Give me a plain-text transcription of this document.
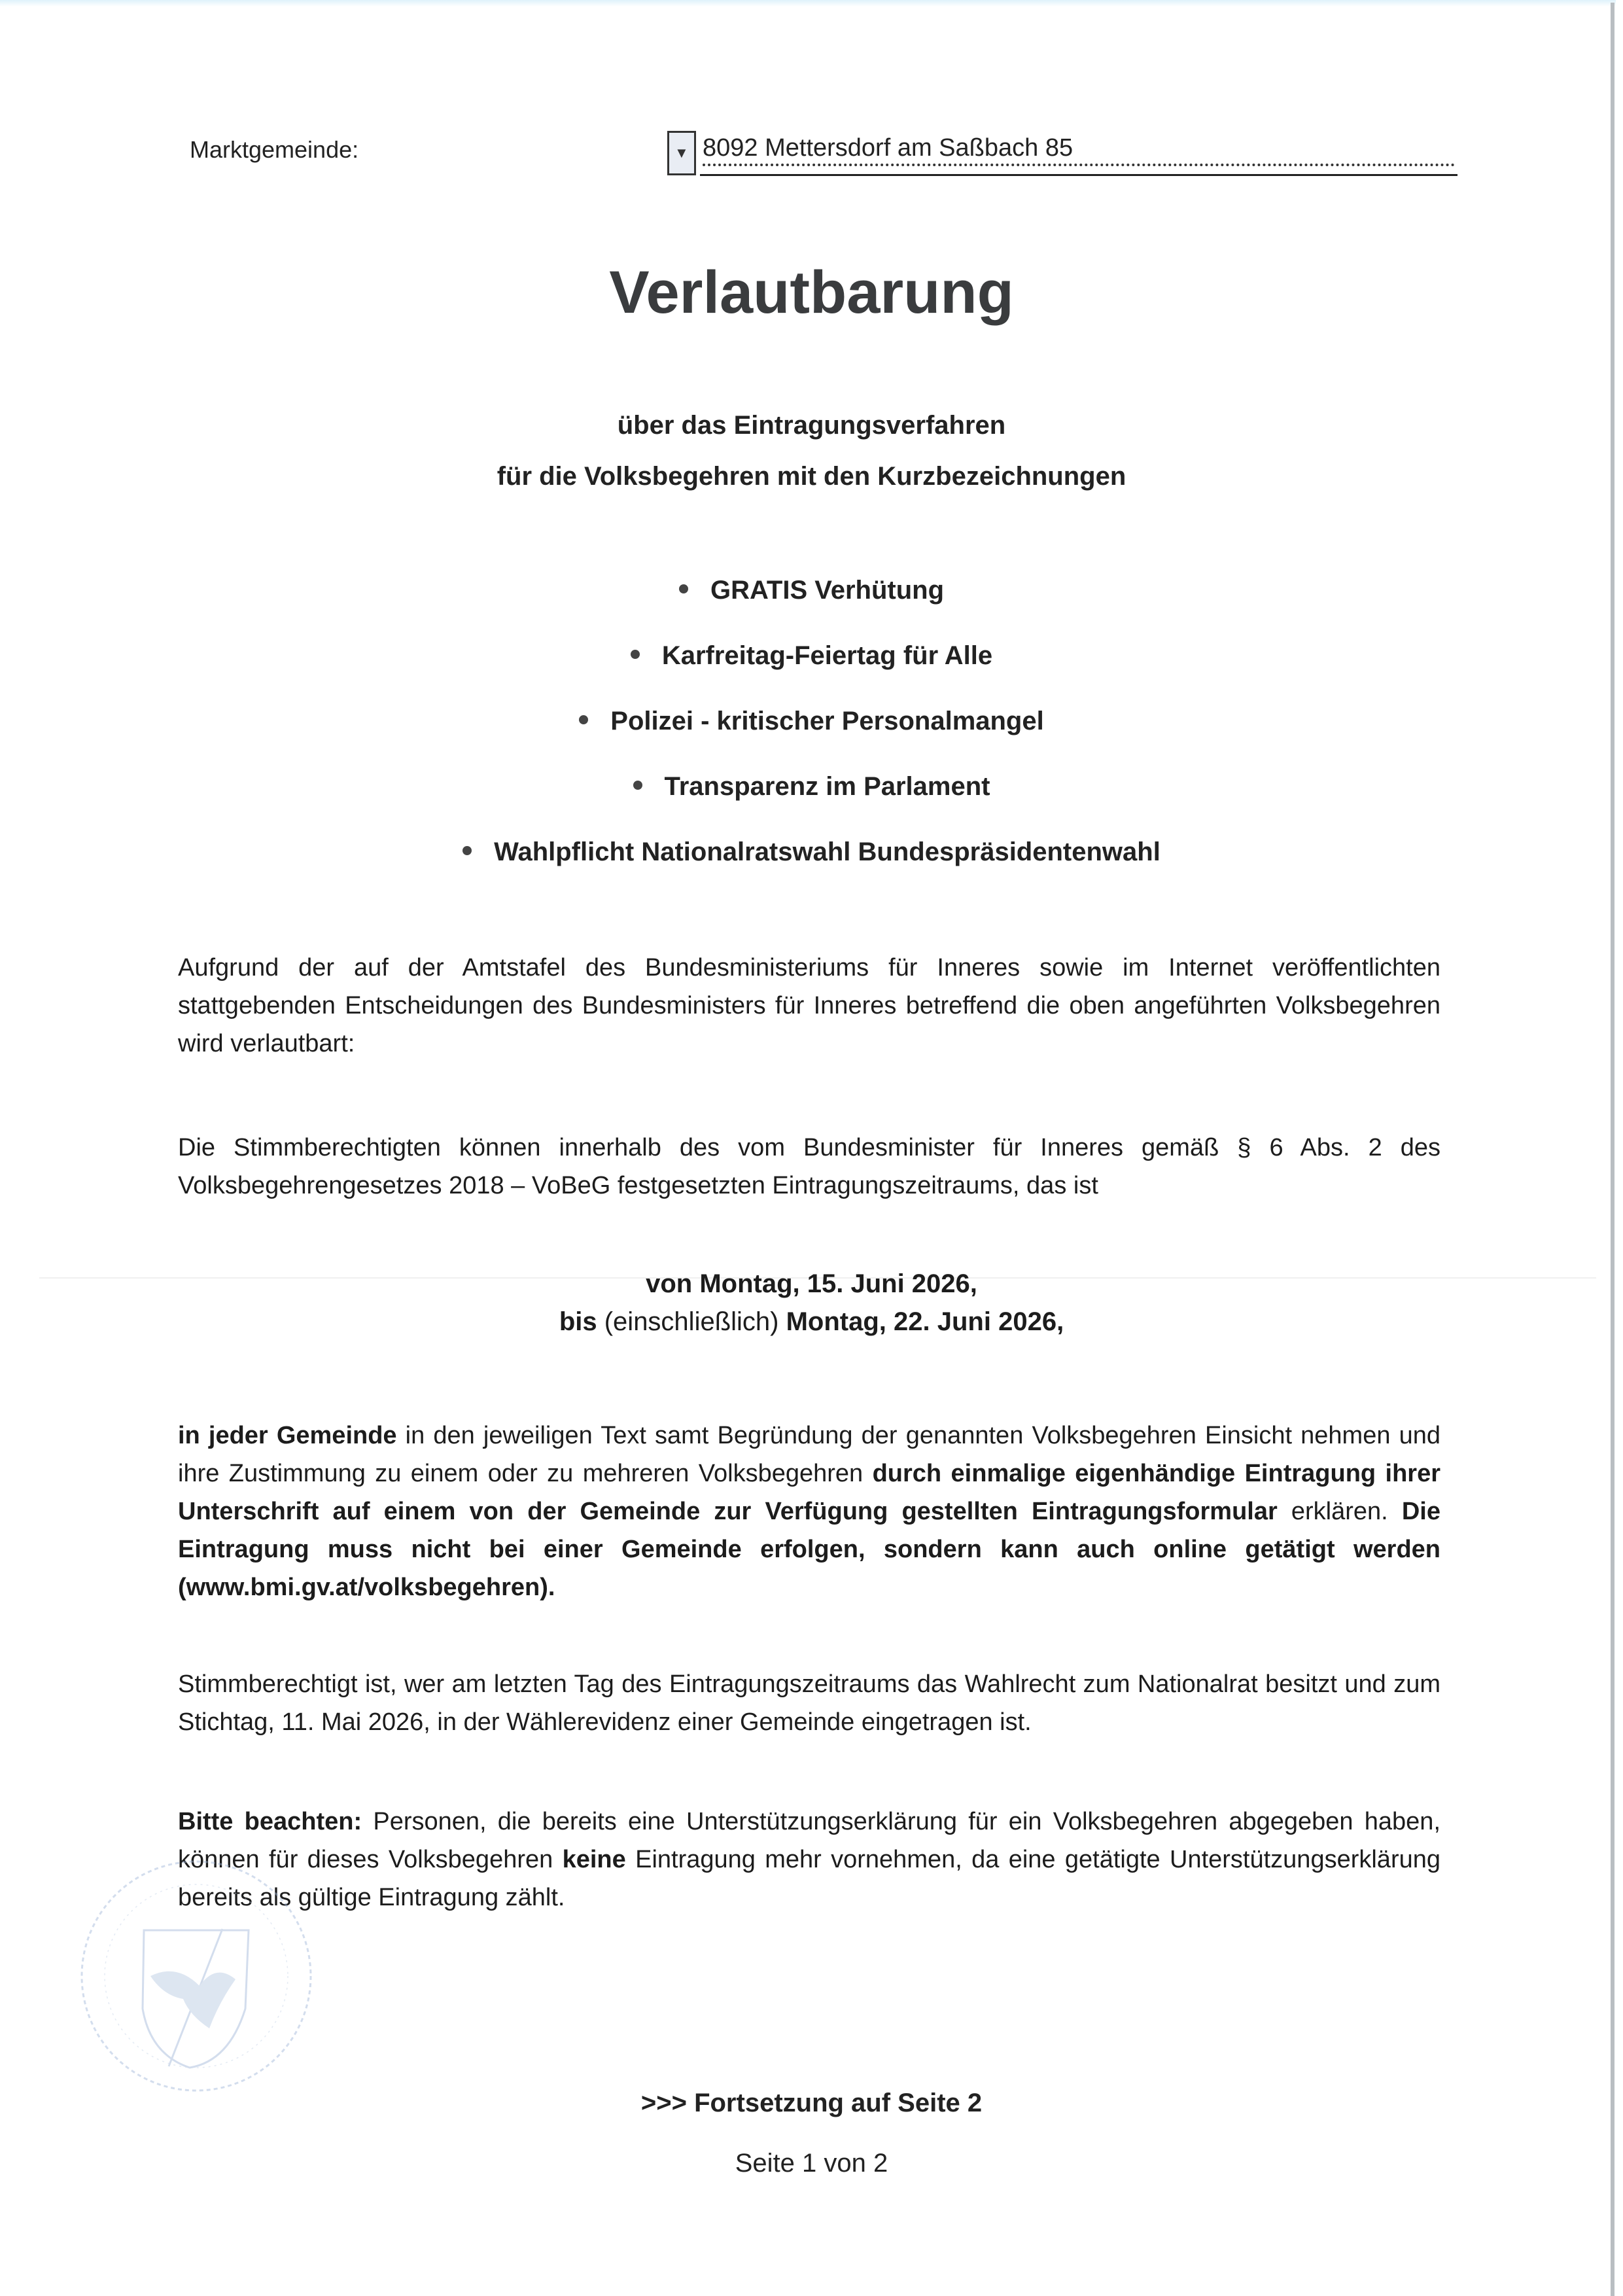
Marktgemeinde:	▼ 8092 Mettersdorf am Saßbach 85
Verlautbarung
über das Eintragungsverfahren
für die Volksbegehren mit den Kurzbezeichnungen
GRATIS Verhütung
Karfreitag-Feiertag für Alle
Polizei - kritischer Personalmangel
Transparenz im Parlament
Wahlpflicht Nationalratswahl Bundespräsidentenwahl
Aufgrund der auf der Amtstafel des Bundesministeriums für Inneres sowie im Internet veröffentlichten stattgebenden Entscheidungen des Bundesministers für Inneres betreffend die oben angeführten Volksbegehren wird verlautbart:
Die Stimmberechtigten können innerhalb des vom Bundesminister für Inneres gemäß § 6 Abs. 2 des Volksbegehrengesetzes 2018 – VoBeG festgesetzten Eintragungszeitraums, das ist
von Montag, 15. Juni 2026,
bis (einschließlich) Montag, 22. Juni 2026,
in jeder Gemeinde in den jeweiligen Text samt Begründung der genannten Volksbegehren Einsicht nehmen und ihre Zustimmung zu einem oder zu mehreren Volksbegehren durch einmalige eigenhändige Eintragung ihrer Unterschrift auf einem von der Gemeinde zur Verfügung gestellten Eintragungsformular erklären. Die Eintragung muss nicht bei einer Gemeinde erfolgen, sondern kann auch online getätigt werden (www.bmi.gv.at/volksbegehren).
Stimmberechtigt ist, wer am letzten Tag des Eintragungszeitraums das Wahlrecht zum Nationalrat besitzt und zum Stichtag, 11. Mai 2026, in der Wählerevidenz einer Gemeinde eingetragen ist.
Bitte beachten: Personen, die bereits eine Unterstützungserklärung für ein Volksbegehren abgegeben haben, können für dieses Volksbegehren keine Eintragung mehr vornehmen, da eine getätigte Unterstützungserklärung bereits als gültige Eintragung zählt.
>>> Fortsetzung auf Seite 2
Seite 1 von 2
